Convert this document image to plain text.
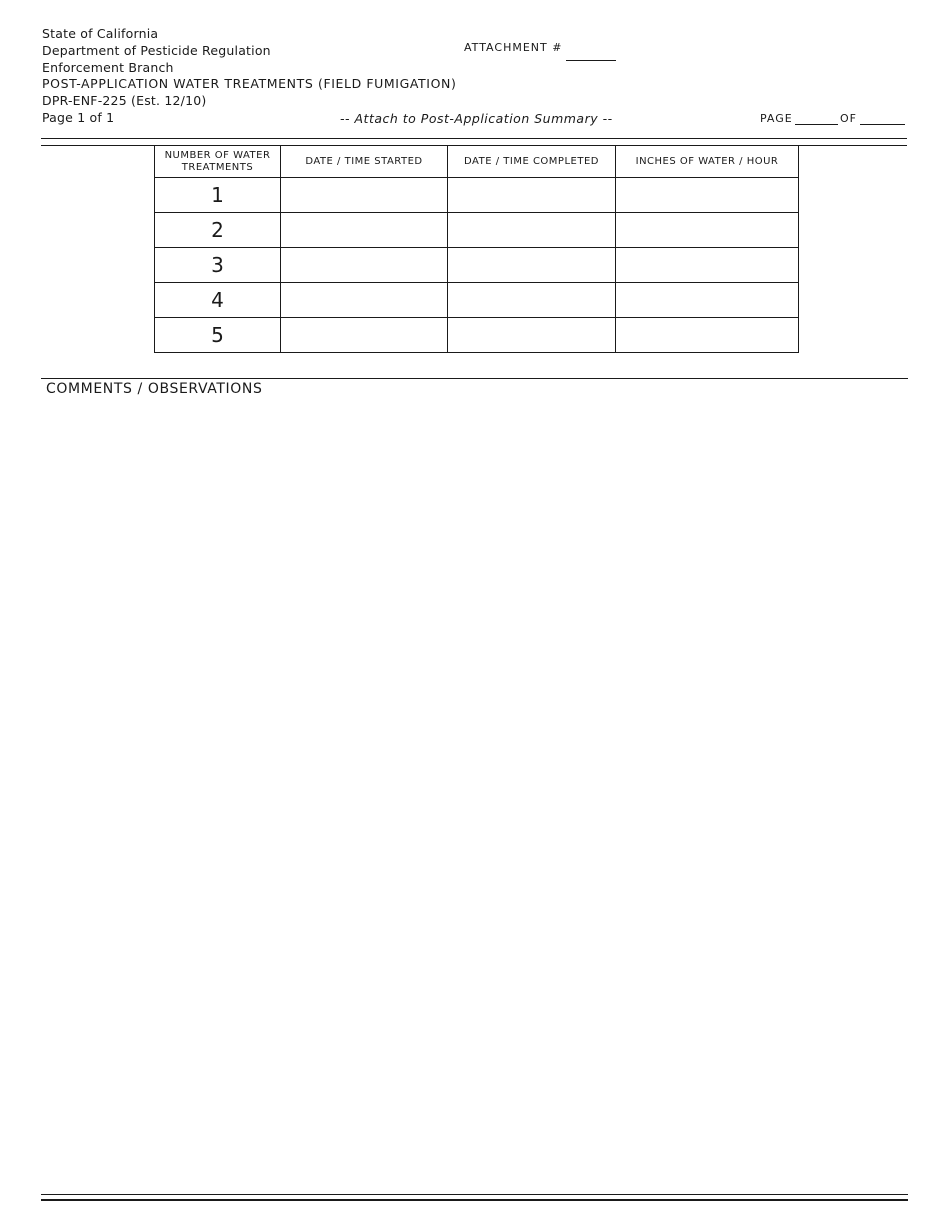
State of California
Department of Pesticide Regulation
Enforcement Branch
POST-APPLICATION WATER TREATMENTS (FIELD FUMIGATION)
DPR-ENF-225 (Est. 12/10)
Page 1 of 1
ATTACHMENT #
-- Attach to Post-Application Summary --	PAGE	OF
NUMBER OF WATER TREATMENTS	DATE / TIME STARTED	DATE / TIME COMPLETED	INCHES OF WATER / HOUR
1			
2			
3			
4			
5			
COMMENTS / OBSERVATIONS
